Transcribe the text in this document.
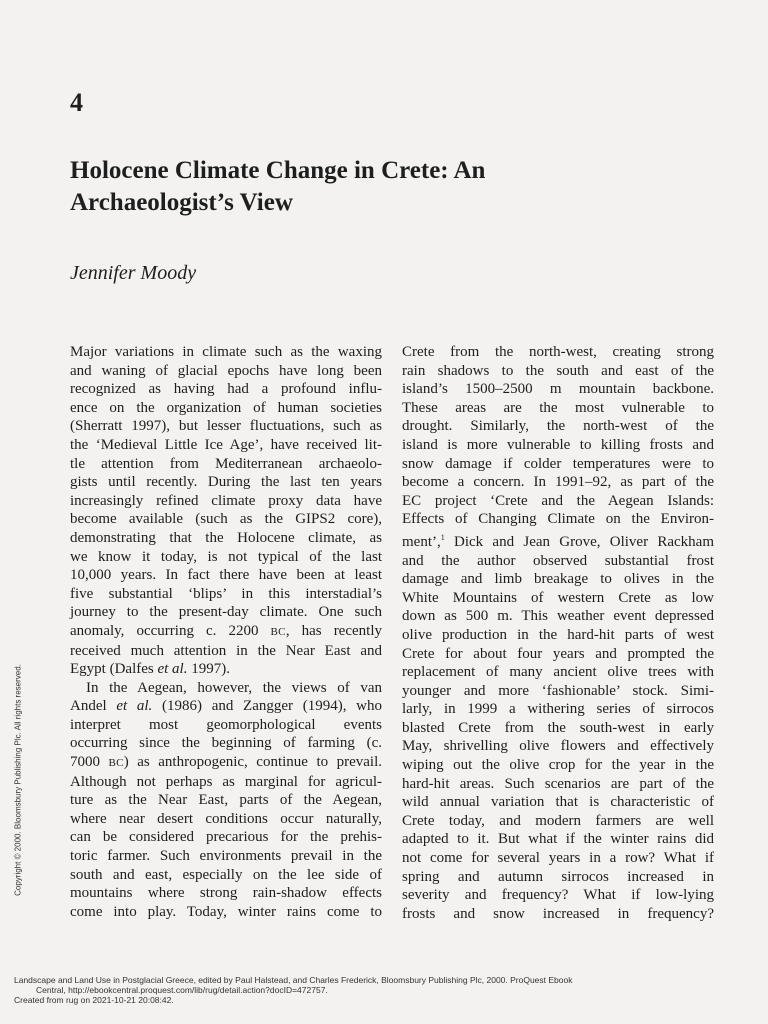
4
Holocene Climate Change in Crete: An
Archaeologist’s View
Jennifer Moody

Major variations in climate such as the waxing

and waning of glacial epochs have long been

recognized as having had a profound influ-

ence on the organization of human societies

(Sherratt 1997), but lesser fluctuations, such as

the ‘Medieval Little Ice Age’, have received lit-

tle attention from Mediterranean archaeolo-

gists until recently. During the last ten years

increasingly refined climate proxy data have

become available (such as the GIPS2 core),

demonstrating that the Holocene climate, as

we know it today, is not typical of the last

10,000 years. In fact there have been at least

five substantial ‘blips’ in this interstadial’s

journey to the present-day climate. One such

anomaly, occurring c. 2200 BC, has recently

received much attention in the Near East and

Egypt (Dalfes et al. 1997).

In the Aegean, however, the views of van

Andel et al. (1986) and Zangger (1994), who

interpret most geomorphological events

occurring since the beginning of farming (c.

7000 BC) as anthropogenic, continue to prevail.

Although not perhaps as marginal for agricul-

ture as the Near East, parts of the Aegean,

where near desert conditions occur naturally,

can be considered precarious for the prehis-

toric farmer. Such environments prevail in the

south and east, especially on the lee side of

mountains where strong rain-shadow effects

come into play. Today, winter rains come to

Crete from the north-west, creating strong

rain shadows to the south and east of the

island’s 1500–2500 m mountain backbone.

These areas are the most vulnerable to

drought. Similarly, the north-west of the

island is more vulnerable to killing frosts and

snow damage if colder temperatures were to

become a concern. In 1991–92, as part of the

EC project ‘Crete and the Aegean Islands:

Effects of Changing Climate on the Environ-

ment’,$^1$ Dick and Jean Grove, Oliver Rackham

and the author observed substantial frost

damage and limb breakage to olives in the

White Mountains of western Crete as low

down as 500 m. This weather event depressed

olive production in the hard-hit parts of west

Crete for about four years and prompted the

replacement of many ancient olive trees with

younger and more ‘fashionable’ stock. Simi-

larly, in 1999 a withering series of sirrocos

blasted Crete from the south-west in early

May, shrivelling olive flowers and effectively

wiping out the olive crop for the year in the

hard-hit areas. Such scenarios are part of the

wild annual variation that is characteristic of

Crete today, and modern farmers are well

adapted to it. But what if the winter rains did

not come for several years in a row? What if

spring and autumn sirrocos increased in

severity and frequency? What if low-lying

frosts and snow increased in frequency?

Copyright © 2000. Bloomsbury Publishing Plc. All rights reserved.
Landscape and Land Use in Postglacial Greece, edited by Paul Halstead, and Charles Frederick, Bloomsbury Publishing Plc, 2000. ProQuest Ebook
Central, http://ebookcentral.proquest.com/lib/rug/detail.action?docID=472757.
Created from rug on 2021-10-21 20:08:42.
